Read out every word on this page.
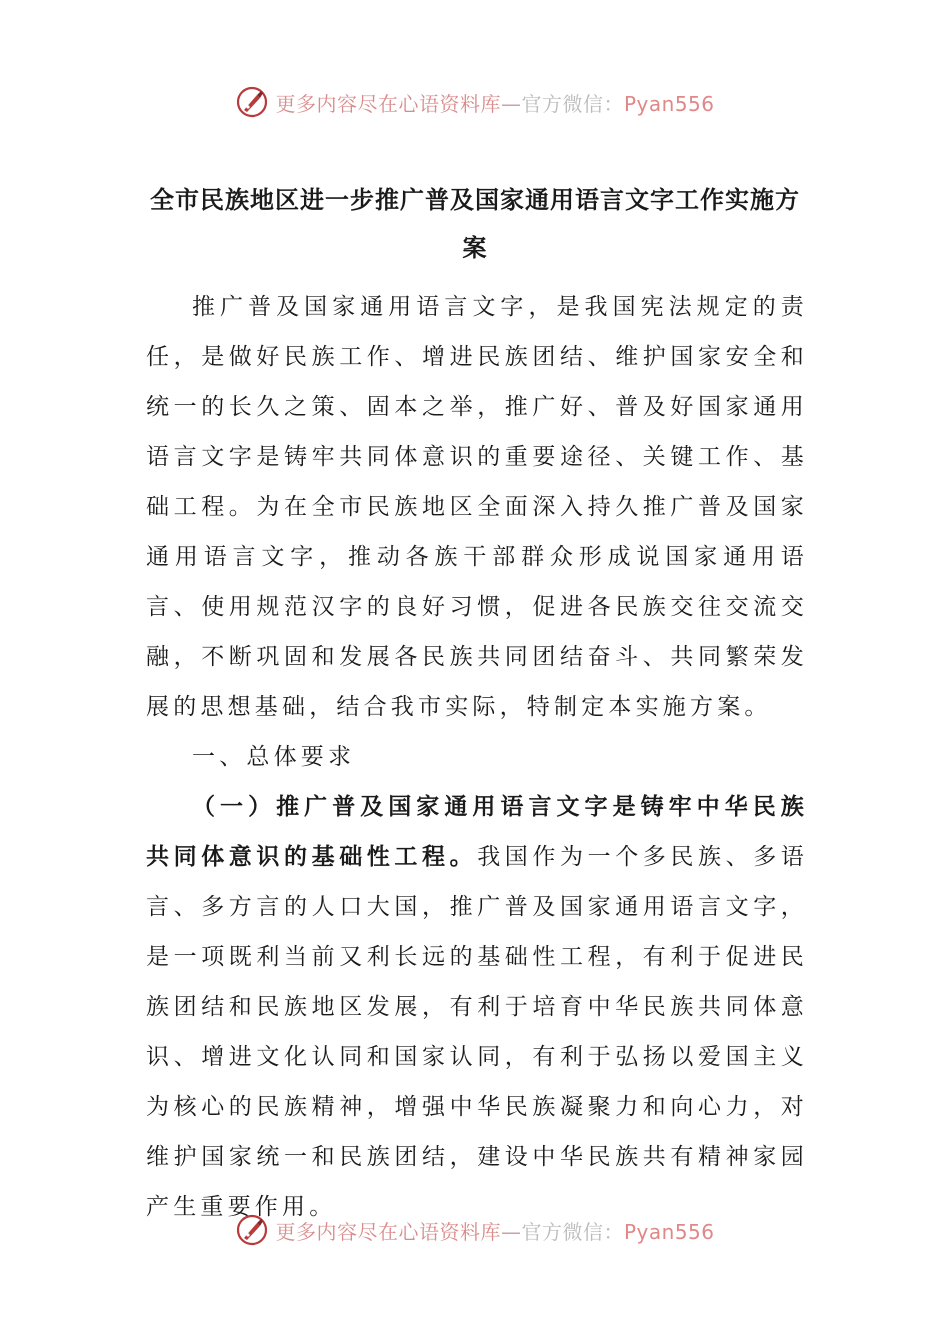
更多内容尽在心语资料库—官方微信：Pyan556
全市民族地区进一步推广普及国家通用语言文字工作实施方案

推广普及国家通用语言文字，是我国宪法规定的责任，是做好民族工作、增进民族团结、维护国家安全和统一的长久之策、固本之举，推广好、普及好国家通用语言文字是铸牢共同体意识的重要途径、关键工作、基础工程。为在全市民族地区全面深入持久推广普及国家通用语言文字，推动各族干部群众形成说国家通用语言、使用规范汉字的良好习惯，促进各民族交往交流交融，不断巩固和发展各民族共同团结奋斗、共同繁荣发展的思想基础，结合我市实际，特制定本实施方案。

一、总体要求

（一）推广普及国家通用语言文字是铸牢中华民族共同体意识的基础性工程。我国作为一个多民族、多语言、多方言的人口大国，推广普及国家通用语言文字，是一项既利当前又利长远的基础性工程，有利于促进民族团结和民族地区发展，有利于培育中华民族共同体意识、增进文化认同和国家认同，有利于弘扬以爱国主义为核心的民族精神，增强中华民族凝聚力和向心力，对维护国家统一和民族团结，建设中华民族共有精神家园产生重要作用。

更多内容尽在心语资料库—官方微信：Pyan556
